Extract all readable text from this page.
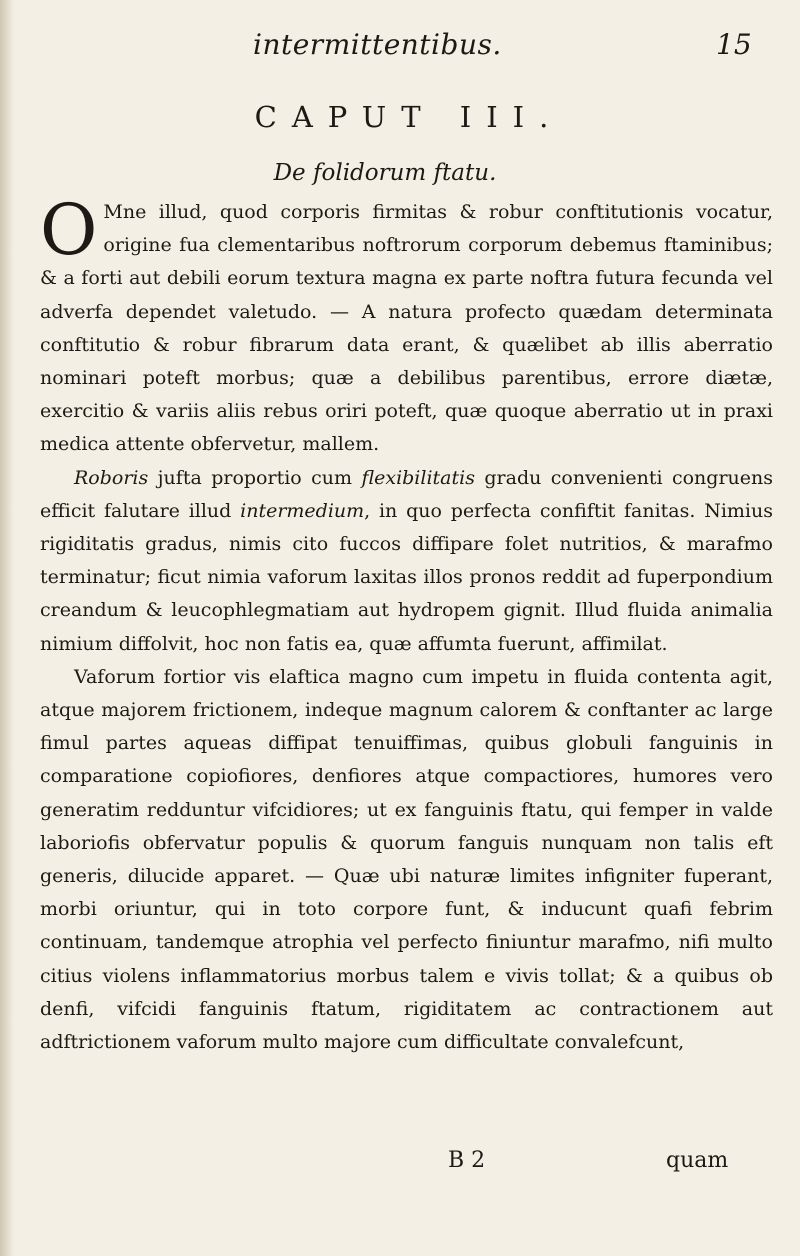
intermittentibus.	15
CAPUT III.
De folidorum ftatu.

O Mne illud, quod corporis firmitas & robur conftitutionis vocatur, origine fua clementaribus noftrorum corporum debemus ftaminibus; & a forti aut debili eorum textura magna ex parte noftra futura fecunda vel adverfa dependet valetudo. — A natura profecto quædam determinata conftitutio & robur fibrarum data erant, & quælibet ab illis aberratio nominari poteft morbus; quæ a debilibus parentibus, errore diætæ, exercitio & variis aliis rebus oriri poteft, quæ quoque aberratio ut in praxi medica attente obfervetur, mallem.

Roboris jufta proportio cum flexibilitatis gradu convenienti congruens efficit falutare illud intermedium, in quo perfecta confiftit fanitas. Nimius rigiditatis gradus, nimis cito fuccos diffipare folet nutritios, & marafmo terminatur; ficut nimia vaforum laxitas illos pronos reddit ad fuperpondium creandum & leucophlegmatiam aut hydropem gignit. Illud fluida animalia nimium diffolvit, hoc non fatis ea, quæ affumta fuerunt, affimilat.

Vaforum fortior vis elaftica magno cum impetu in fluida contenta agit, atque majorem frictionem, indeque magnum calorem & conftanter ac large fimul partes aqueas diffipat tenuiffimas, quibus globuli fanguinis in comparatione copiofiores, denfiores atque compactiores, humores vero generatim redduntur vifcidiores; ut ex fanguinis ftatu, qui femper in valde laboriofis obfervatur populis & quorum fanguis nunquam non talis eft generis, dilucide apparet. — Quæ ubi naturæ limites infigniter fuperant, morbi oriuntur, qui in toto corpore funt, & inducunt quafi febrim continuam, tandemque atrophia vel perfecto finiuntur marafmo, nifi multo citius violens inflammatorius morbus talem e vivis tollat; & a quibus ob denfi, vifcidi fanguinis ftatum, rigiditatem ac contractionem aut adftrictionem vaforum multo majore cum difficultate convalefcunt,

B 2	quam
